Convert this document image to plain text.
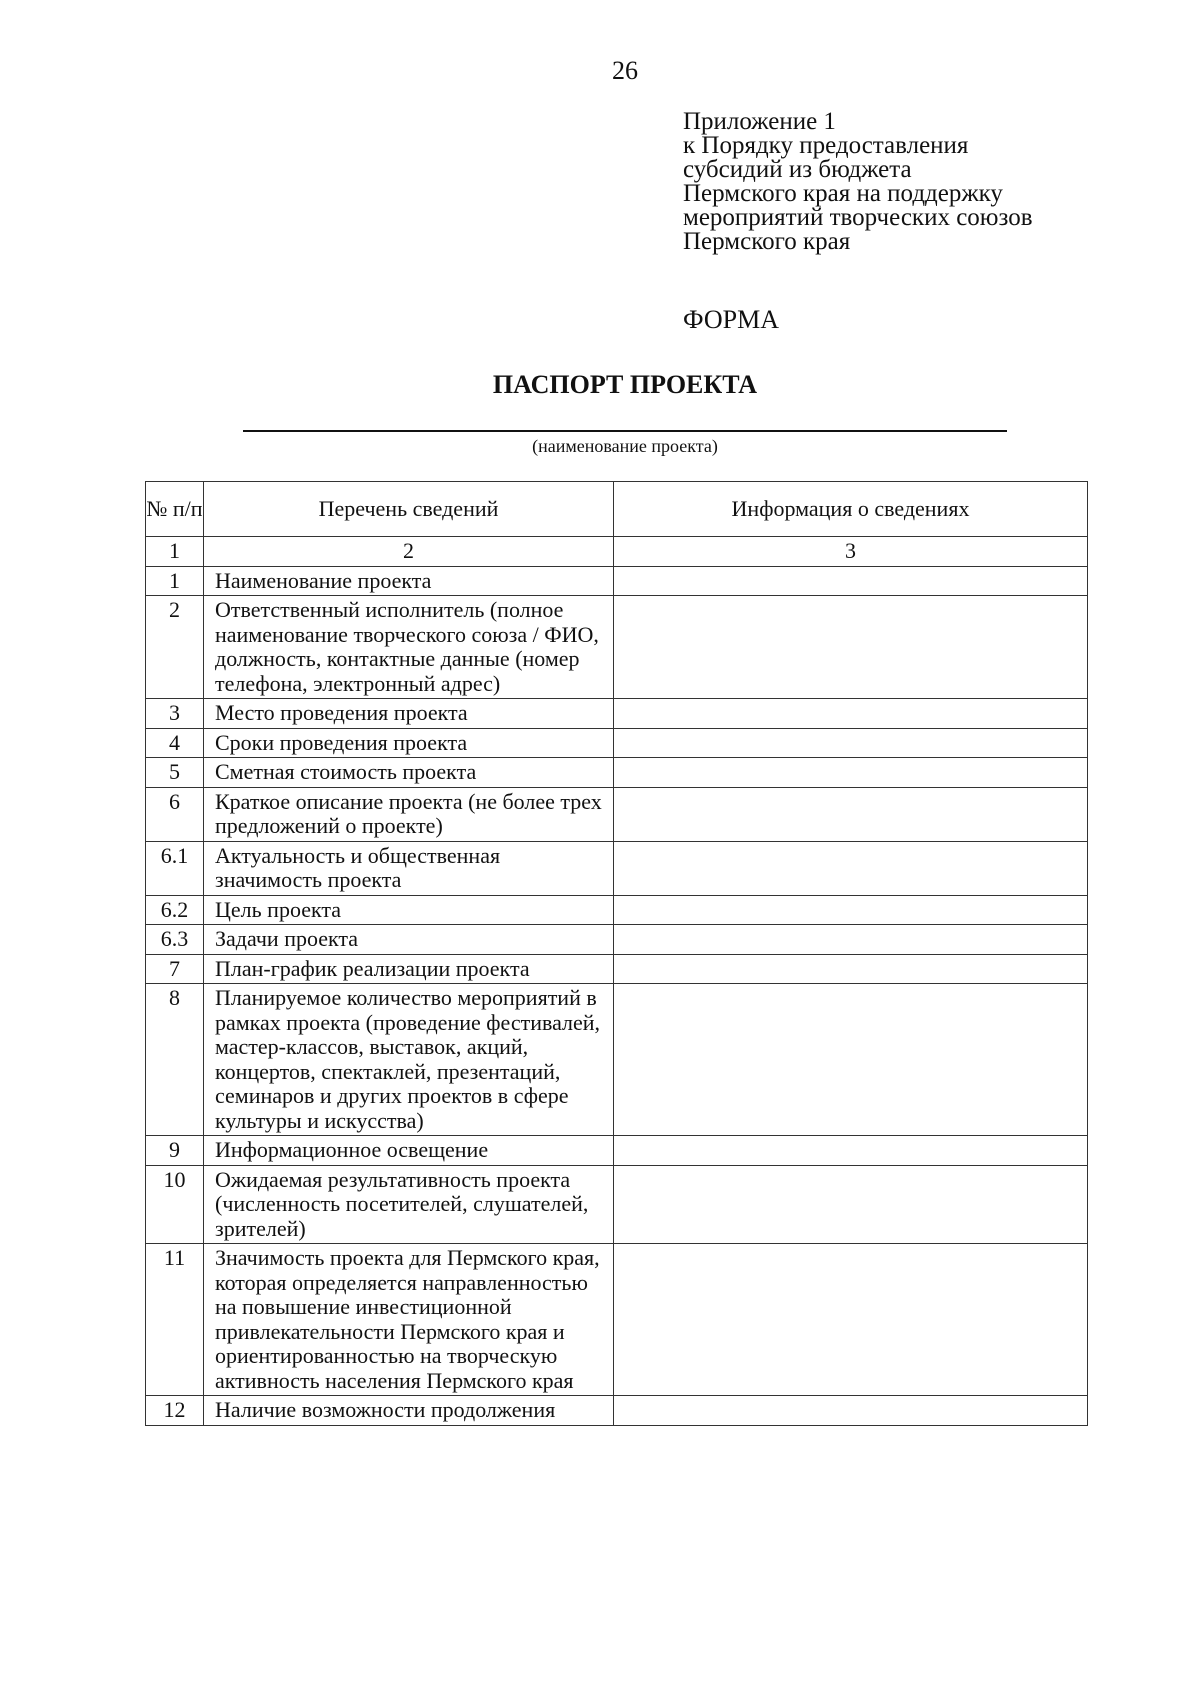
26
Приложение 1
к Порядку предоставления
субсидий из бюджета
Пермского края на поддержку
мероприятий творческих союзов
Пермского края
ФОРМА
ПАСПОРТ ПРОЕКТА
(наименование проекта)
№ п/п	Перечень сведений	Информация о сведениях
1	2	3
1	Наименование проекта	
2	Ответственный исполнитель (полное наименование творческого союза / ФИО, должность, контактные данные (номер телефона, электронный адрес)	
3	Место проведения проекта	
4	Сроки проведения проекта	
5	Сметная стоимость проекта	
6	Краткое описание проекта (не более трех предложений о проекте)	
6.1	Актуальность и общественная значимость проекта	
6.2	Цель проекта	
6.3	Задачи проекта	
7	План-график реализации проекта	
8	Планируемое количество мероприятий в рамках проекта (проведение фестивалей, мастер-классов, выставок, акций, концертов, спектаклей, презентаций, семинаров и других проектов в сфере культуры и искусства)	
9	Информационное освещение	
10	Ожидаемая результативность проекта (численность посетителей, слушателей, зрителей)	
11	Значимость проекта для Пермского края, которая определяется направленностью на повышение инвестиционной привлекательности Пермского края и ориентированностью на творческую активность населения Пермского края	
12	Наличие возможности продолжения	
